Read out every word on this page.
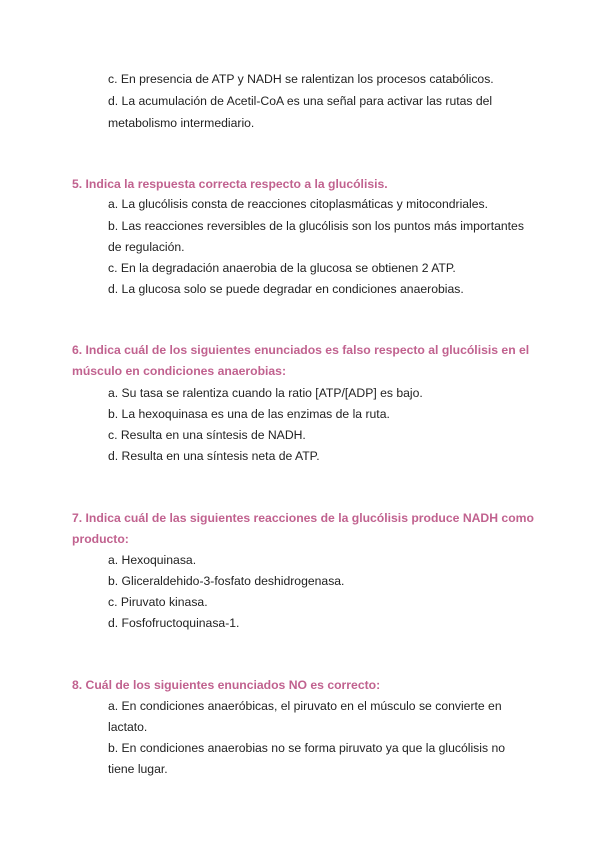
c. En presencia de ATP y NADH se ralentizan los procesos catabólicos.
d. La acumulación de Acetil-CoA es una señal para activar las rutas del
metabolismo intermediario.
5. Indica la respuesta correcta respecto a la glucólisis.
a. La glucólisis consta de reacciones citoplasmáticas y mitocondriales.
b. Las reacciones reversibles de la glucólisis son los puntos más importantes
de regulación.
c. En la degradación anaerobia de la glucosa se obtienen 2 ATP.
d. La glucosa solo se puede degradar en condiciones anaerobias.
6. Indica cuál de los siguientes enunciados es falso respecto al glucólisis en el músculo en condiciones anaerobias:
a. Su tasa se ralentiza cuando la ratio [ATP/[ADP] es bajo.
b. La hexoquinasa es una de las enzimas de la ruta.
c. Resulta en una síntesis de NADH.
d. Resulta en una síntesis neta de ATP.
7. Indica cuál de las siguientes reacciones de la glucólisis produce NADH como producto:
a. Hexoquinasa.
b. Gliceraldehido-3-fosfato deshidrogenasa.
c. Piruvato kinasa.
d. Fosfofructoquinasa-1.
8. Cuál de los siguientes enunciados NO es correcto:
a. En condiciones anaeróbicas, el piruvato en el músculo se convierte en
lactato.
b. En condiciones anaerobias no se forma piruvato ya que la glucólisis no
tiene lugar.
